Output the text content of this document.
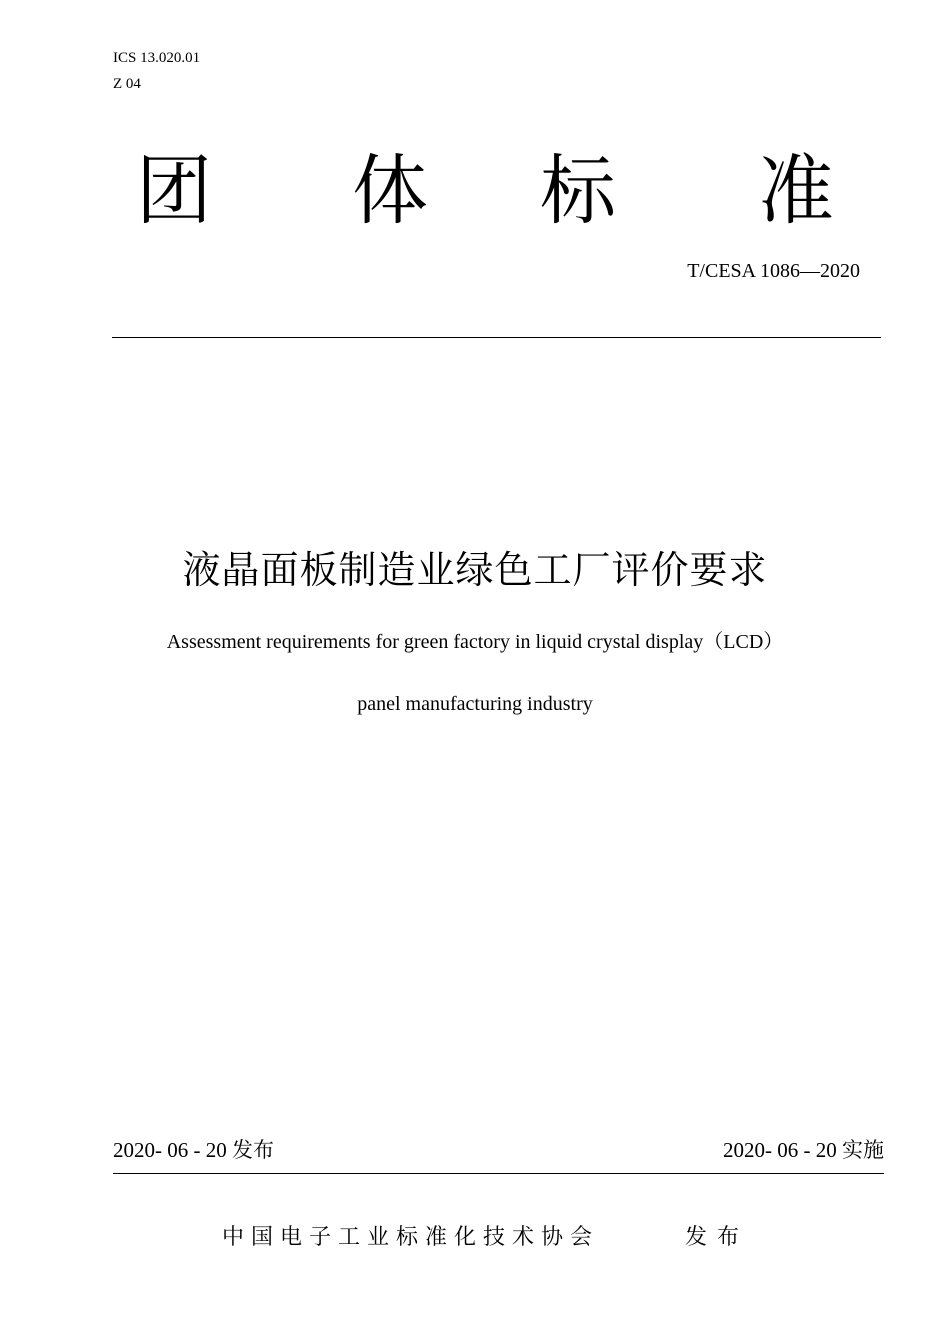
ICS 13.020.01
Z 04
团 体 标 准
T/CESA 1086—2020
液晶面板制造业绿色工厂评价要求
Assessment requirements for green factory in liquid crystal display（LCD）
panel manufacturing industry
2020- 06 - 20 发布	2020- 06 - 20 实施
中国电子工业标准化技术协会	发布
